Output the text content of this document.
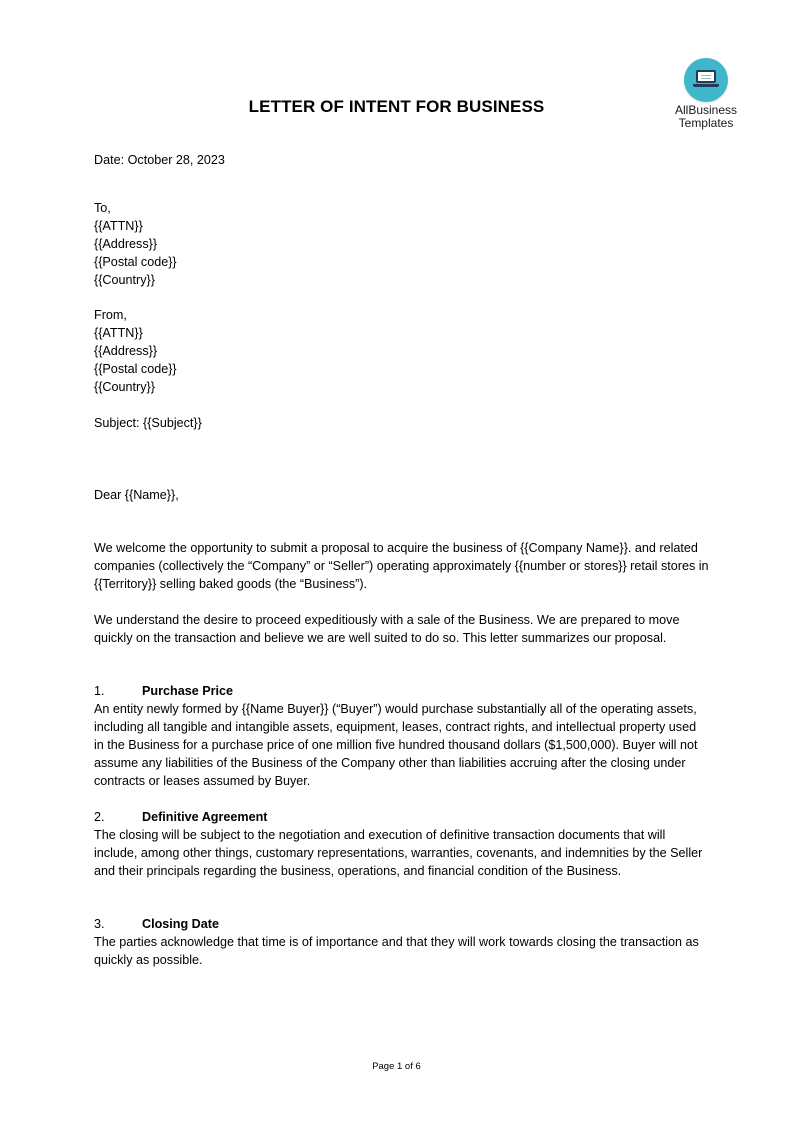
AllBusiness
Templates
LETTER OF INTENT FOR BUSINESS
Date: October 28, 2023
To,
{{ATTN}}
{{Address}}
{{Postal code}}
{{Country}}
From,
{{ATTN}}
{{Address}}
{{Postal code}}
{{Country}}
Subject: {{Subject}}
Dear {{Name}},
We welcome the opportunity to submit a proposal to acquire the business of {{Company Name}}. and related companies (collectively the “Company” or “Seller”) operating approximately {{number or stores}} retail stores in {{Territory}} selling baked goods (the “Business”).
We understand the desire to proceed expeditiously with a sale of the Business. We are prepared to move quickly on the transaction and believe we are well suited to do so. This letter summarizes our proposal.
1.	Purchase Price
An entity newly formed by {{Name Buyer}} (“Buyer”) would purchase substantially all of the operating assets, including all tangible and intangible assets, equipment, leases, contract rights, and intellectual property used in the Business for a purchase price of one million five hundred thousand dollars ($1,500,000). Buyer will not assume any liabilities of the Business of the Company other than liabilities accruing after the closing under contracts or leases assumed by Buyer.
2.	Definitive Agreement
The closing will be subject to the negotiation and execution of definitive transaction documents that will include, among other things, customary representations, warranties, covenants, and indemnities by the Seller and their principals regarding the business, operations, and financial condition of the Business.
3.	Closing Date
The parties acknowledge that time is of importance and that they will work towards closing the transaction as quickly as possible.
Page 1 of 6
